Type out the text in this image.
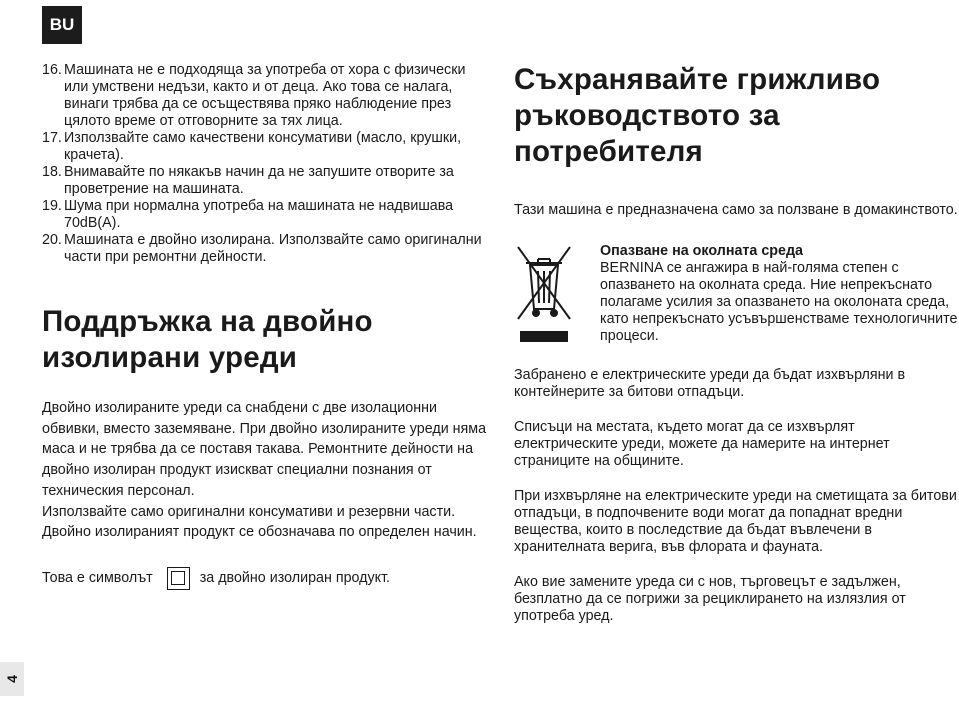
BU
4
16. Машината не е подходяща за употреба от хора с физически или умствени недъзи, както и от деца. Ако това се налага, винаги трябва да се осъществява пряко наблюдение през цялото време от отговорните за тях лица.
17. Използвайте само качествени консумативи (масло, крушки, крачета).
18. Внимавайте по някакъв начин да не запушите отворите за проветрение на машината.
19. Шума при нормална употреба на машината не надвишава 70dB(A).
20. Машината е двойно изолирана. Използвайте само оригинални части при ремонтни дейности.
Поддръжка на двойно
изолирани уреди

Двойно изолираните уреди са снабдени с две изолационни обвивки, вместо заземяване. При двойно изолираните уреди няма маса и не трябва да се поставя такава. Ремонтните дейности на двойно изолиран продукт изискват специални познания от техническия персонал.

Използвайте само оригинални консумативи и резервни части.

Двойно изолираният продукт се обозначава по определен начин.

Това е символът	за двойно изолиран продукт.
Съхранявайте грижливо
ръководството за
потребителя

Тази машина е предназначена само за ползване в домакинството.

Опазване на околната среда
BERNINA се ангажира в най-голяма степен с опазването на околната среда. Ние непрекъснато полагаме усилия за опазването на околоната среда, като непрекъснато усъвършенстваме технологичните процеси.

Забранено е електрическите уреди да бъдат изхвърляни в контейнерите за битови отпадъци.

Списъци на местата, където могат да се изхвърлят електрическите уреди, можете да намерите на интернет страниците на общините.

При изхвърляне на електрическите уреди на сметищата за битови отпадъци, в подпочвените води могат да попаднат вредни вещества, които в последствие да бъдат въвлечени в хранителната верига, във флората и фауната.

Ако вие замените уреда си с нов, търговецът е задължен, безплатно да се погрижи за рециклирането на излязлия от употреба уред.
